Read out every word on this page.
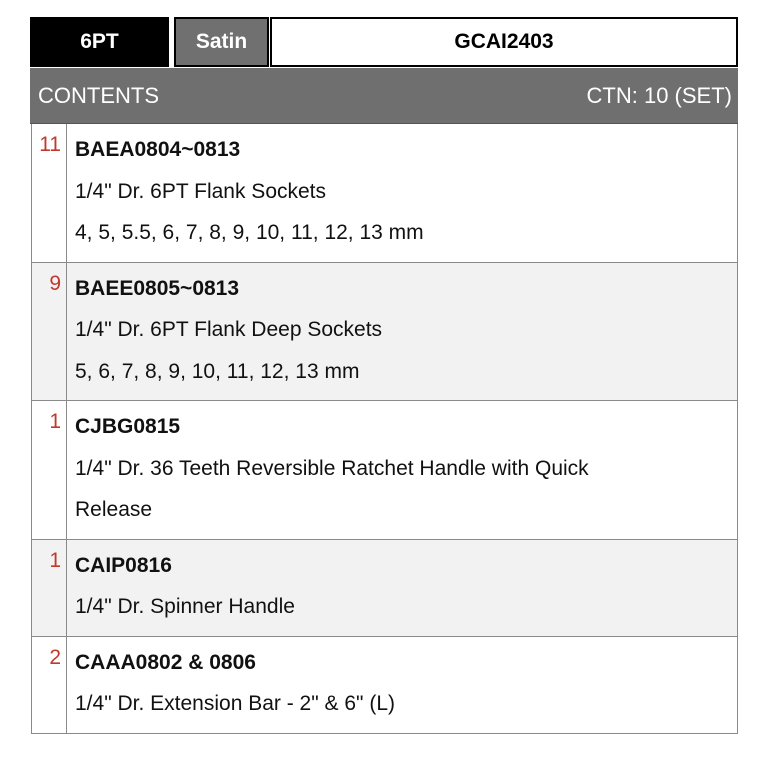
6PT	Satin	GCAI2403
CONTENTS	CTN: 10 (SET)
11 BAEA0804~0813
1/4" Dr. 6PT Flank Sockets
4, 5, 5.5, 6, 7, 8, 9, 10, 11, 12, 13 mm
9 BAEE0805~0813
1/4" Dr. 6PT Flank Deep Sockets
5, 6, 7, 8, 9, 10, 11, 12, 13 mm
1 CJBG0815
1/4" Dr. 36 Teeth Reversible Ratchet Handle with Quick
Release
1 CAIP0816
1/4" Dr. Spinner Handle
2 CAAA0802 & 0806
1/4" Dr. Extension Bar - 2" & 6" (L)
